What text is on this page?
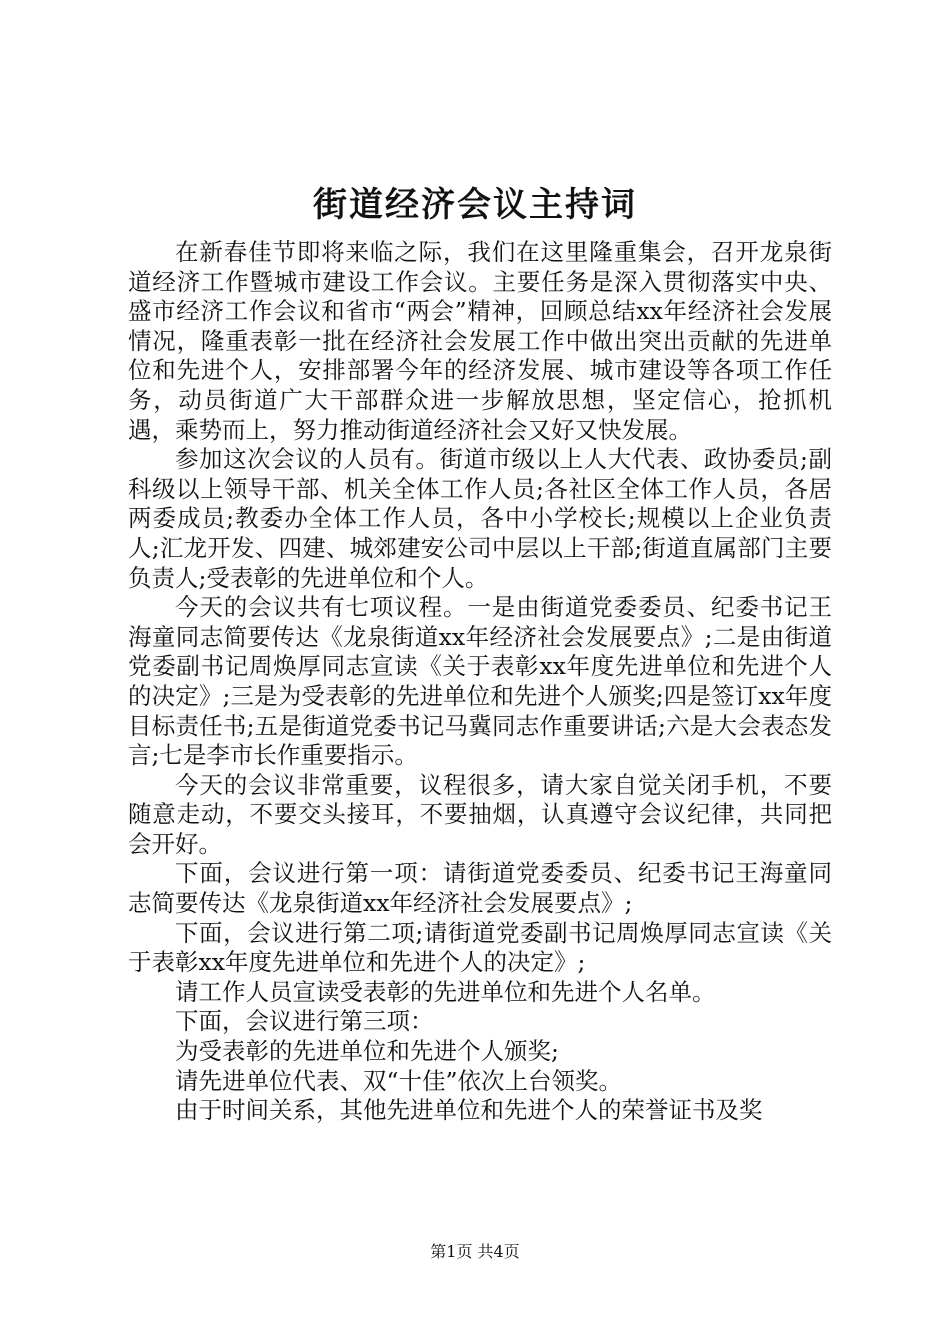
街道经济会议主持词

在新春佳节即将来临之际，我们在这里隆重集会，召开龙泉街道经济工作暨城市建设工作会议。主要任务是深入贯彻落实中央、盛市经济工作会议和省市“两会”精神，回顾总结xx年经济社会发展情况，隆重表彰一批在经济社会发展工作中做出突出贡献的先进单位和先进个人，安排部署今年的经济发展、城市建设等各项工作任务，动员街道广大干部群众进一步解放思想，坚定信心，抢抓机遇，乘势而上，努力推动街道经济社会又好又快发展。

参加这次会议的人员有。街道市级以上人大代表、政协委员;副科级以上领导干部、机关全体工作人员;各社区全体工作人员，各居两委成员;教委办全体工作人员，各中小学校长;规模以上企业负责人;汇龙开发、四建、城郊建安公司中层以上干部;街道直属部门主要负责人;受表彰的先进单位和个人。

今天的会议共有七项议程。一是由街道党委委员、纪委书记王海童同志简要传达《龙泉街道xx年经济社会发展要点》;二是由街道党委副书记周焕厚同志宣读《关于表彰xx年度先进单位和先进个人的决定》;三是为受表彰的先进单位和先进个人颁奖;四是签订xx年度目标责任书;五是街道党委书记马冀同志作重要讲话;六是大会表态发言;七是李市长作重要指示。

今天的会议非常重要，议程很多，请大家自觉关闭手机，不要随意走动，不要交头接耳，不要抽烟，认真遵守会议纪律，共同把会开好。

下面，会议进行第一项：请街道党委委员、纪委书记王海童同志简要传达《龙泉街道xx年经济社会发展要点》;

下面，会议进行第二项;请街道党委副书记周焕厚同志宣读《关于表彰xx年度先进单位和先进个人的决定》;

请工作人员宣读受表彰的先进单位和先进个人名单。

下面，会议进行第三项：

为受表彰的先进单位和先进个人颁奖;

请先进单位代表、双“十佳”依次上台领奖。

由于时间关系，其他先进单位和先进个人的荣誉证书及奖

第1页 共4页
